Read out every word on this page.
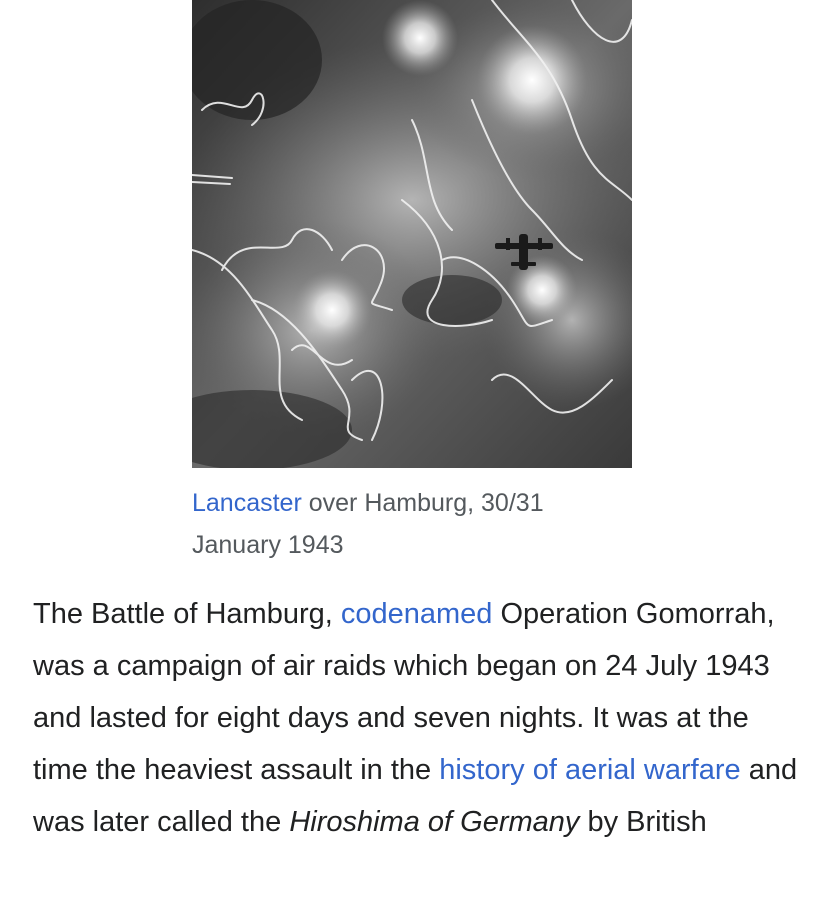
Lancaster over Hamburg, 30/31 January 1943
The Battle of Hamburg, codenamed Operation Gomorrah, was a campaign of air raids which began on 24 July 1943 and lasted for eight days and seven nights. It was at the time the heaviest assault in the history of aerial warfare and was later called the Hiroshima of Germany by British
